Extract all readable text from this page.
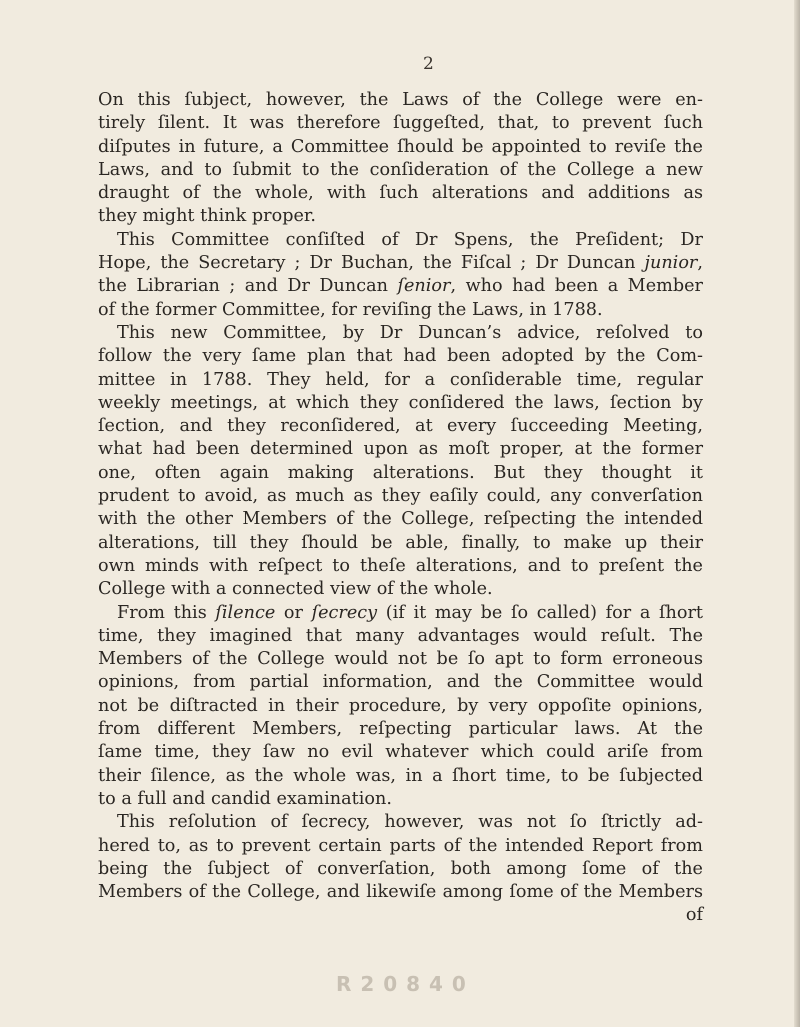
2
On this ſubject, however, the Laws of the College were en-
tirely ſilent. It was therefore ſuggeſted, that, to prevent ſuch
diſputes in future, a Committee ſhould be appointed to reviſe the
Laws, and to ſubmit to the conſideration of the College a new
draught of the whole, with ſuch alterations and additions as
they might think proper.
This Committee conſiſted of Dr Spens, the Preſident; Dr
Hope, the Secretary ; Dr Buchan, the Fiſcal ; Dr Duncan junior,
the Librarian ; and Dr Duncan ſenior, who had been a Member
of the former Committee, for reviſing the Laws, in 1788.
This new Committee, by Dr Duncan’s advice, reſolved to
follow the very ſame plan that had been adopted by the Com-
mittee in 1788. They held, for a conſiderable time, regular
weekly meetings, at which they conſidered the laws, ſection by
ſection, and they reconſidered, at every ſucceeding Meeting,
what had been determined upon as moſt proper, at the former
one, often again making alterations. But they thought it
prudent to avoid, as much as they eaſily could, any converſation
with the other Members of the College, reſpecting the intended
alterations, till they ſhould be able, finally, to make up their
own minds with reſpect to theſe alterations, and to preſent the
College with a connected view of the whole.
From this ſilence or ſecrecy (if it may be ſo called) for a ſhort
time, they imagined that many advantages would reſult. The
Members of the College would not be ſo apt to form erroneous
opinions, from partial information, and the Committee would
not be diſtracted in their procedure, by very oppoſite opinions,
from different Members, reſpecting particular laws. At the
ſame time, they ſaw no evil whatever which could ariſe from
their ſilence, as the whole was, in a ſhort time, to be ſubjected
to a full and candid examination.
This reſolution of ſecrecy, however, was not ſo ſtrictly ad-
hered to, as to prevent certain parts of the intended Report from
being the ſubject of converſation, both among ſome of the
Members of the College, and likewiſe among ſome of the Members
of
R 2 0 8 4 0
